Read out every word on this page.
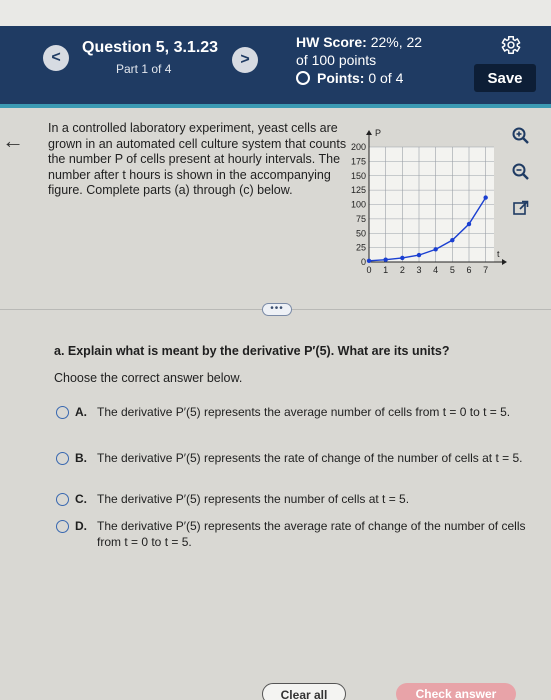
<
Question 5, 3.1.23
Part 1 of 4
>
HW Score: 22%, 22
of 100 points
Points: 0 of 4	Save
← In a controlled laboratory experiment, yeast cells are grown in an automated cell culture system that counts the number P of cells present at hourly intervals. The number after t hours is shown in the accompanying figure. Complete parts (a) through (c) below.
0
25
50
75
100
125
150
175
200
0 1 2 3 4 5 6 7
P
t
•••
a. Explain what is meant by the derivative P′(5). What are its units?
Choose the correct answer below.
A. The derivative P′(5) represents the average number of cells from t = 0 to t = 5.
B. The derivative P′(5) represents the rate of change of the number of cells at t = 5.
C. The derivative P′(5) represents the number of cells at t = 5.
D. The derivative P′(5) represents the average rate of change of the number of cells from t = 0 to t = 5.
Clear all	Check answer
